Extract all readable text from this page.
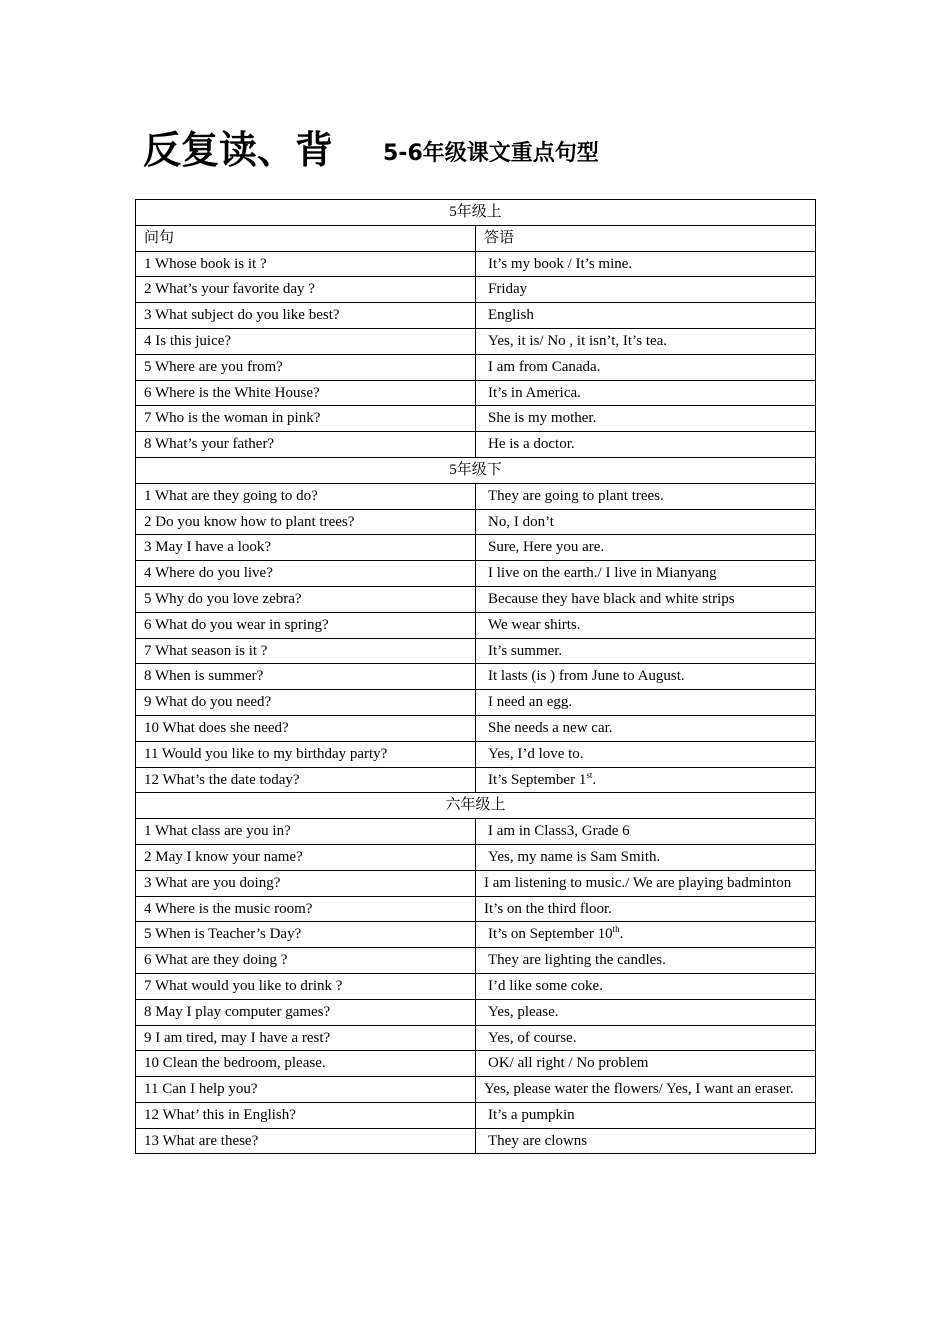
反复读、背 5-6年级课文重点句型
5年级上	
问句	答语
1 Whose book is it ?	It’s my book / It’s mine.
2 What’s your favorite day ?	Friday
3 What subject do you like best?	English
4 Is this juice?	Yes, it is/ No , it isn’t, It’s tea.
5 Where are you from?	I am from Canada.
6 Where is the White House?	It’s in America.
7 Who is the woman in pink?	She is my mother.
8 What’s your father?	He is a doctor.
5年级下	
1 What are they going to do?	They are going to plant trees.
2 Do you know how to plant trees?	No, I don’t
3 May I have a look?	Sure, Here you are.
4 Where do you live?	I live on the earth./ I live in Mianyang
5 Why do you love zebra?	Because they have black and white strips
6 What do you wear in spring?	We wear shirts.
7 What season is it ?	It’s summer.
8 When is summer?	It lasts (is ) from June to August.
9 What do you need?	I need an egg.
10 What does she need?	She needs a new car.
11 Would you like to my birthday party?	Yes, I’d love to.
12 What’s the date today?	It’s September 1st.
六年级上	
1 What class are you in?	I am in Class3, Grade 6
2 May I know your name?	Yes, my name is Sam Smith.
3 What are you doing?	I am listening to music./ We are playing badminton
4 Where is the music room?	It’s on the third floor.
5 When is Teacher’s Day?	It’s on September 10th.
6 What are they doing ?	They are lighting the candles.
7 What would you like to drink ?	I’d like some coke.
8 May I play computer games?	Yes, please.
9 I am tired, may I have a rest?	Yes, of course.
10 Clean the bedroom, please.	OK/ all right / No problem
11 Can I help you?	Yes, please water the flowers/ Yes, I want an eraser.
12 What’ this in English?	It’s a pumpkin
13 What are these?	They are clowns
